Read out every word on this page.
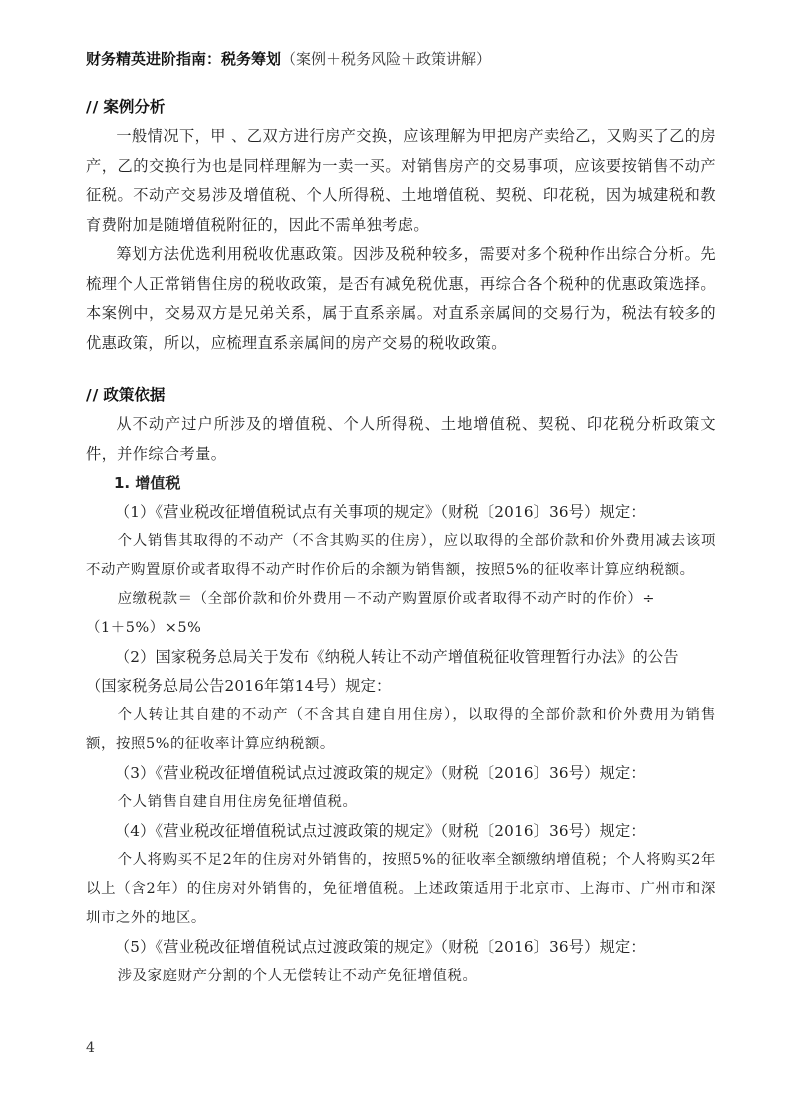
财务精英进阶指南：税务筹划（案例＋税务风险＋政策讲解）
// 案例分析
一般情况下，甲 、乙双方进行房产交换，应该理解为甲把房产卖给乙，又购买了乙的房产，乙的交换行为也是同样理解为一卖一买。对销售房产的交易事项，应该要按销售不动产征税。不动产交易涉及增值税、个人所得税、土地增值税、契税、印花税，因为城建税和教育费附加是随增值税附征的，因此不需单独考虑。
筹划方法优选利用税收优惠政策。因涉及税种较多，需要对多个税种作出综合分析。先梳理个人正常销售住房的税收政策，是否有减免税优惠，再综合各个税种的优惠政策选择。本案例中，交易双方是兄弟关系，属于直系亲属。对直系亲属间的交易行为，税法有较多的优惠政策，所以，应梳理直系亲属间的房产交易的税收政策。
// 政策依据
从不动产过户所涉及的增值税、个人所得税、土地增值税、契税、印花税分析政策文件，并作综合考量。
1. 增值税
（1）《营业税改征增值税试点有关事项的规定》（财税〔2016〕36号）规定：
个人销售其取得的不动产（不含其购买的住房），应以取得的全部价款和价外费用减去该项不动产购置原价或者取得不动产时作价后的余额为销售额，按照5%的征收率计算应纳税额。
应缴税款＝（全部价款和价外费用－不动产购置原价或者取得不动产时的作价）÷
（1＋5%）×5%
（2）国家税务总局关于发布《纳税人转让不动产增值税征收管理暂行办法》的公告
（国家税务总局公告2016年第14号）规定：
个人转让其自建的不动产（不含其自建自用住房），以取得的全部价款和价外费用为销售额，按照5%的征收率计算应纳税额。
（3）《营业税改征增值税试点过渡政策的规定》（财税〔2016〕36号）规定：
个人销售自建自用住房免征增值税。
（4）《营业税改征增值税试点过渡政策的规定》（财税〔2016〕36号）规定：
个人将购买不足2年的住房对外销售的，按照5%的征收率全额缴纳增值税；个人将购买2年以上（含2年）的住房对外销售的，免征增值税。上述政策适用于北京市、上海市、广州市和深圳市之外的地区。
（5）《营业税改征增值税试点过渡政策的规定》（财税〔2016〕36号）规定：
涉及家庭财产分割的个人无偿转让不动产免征增值税。
4
